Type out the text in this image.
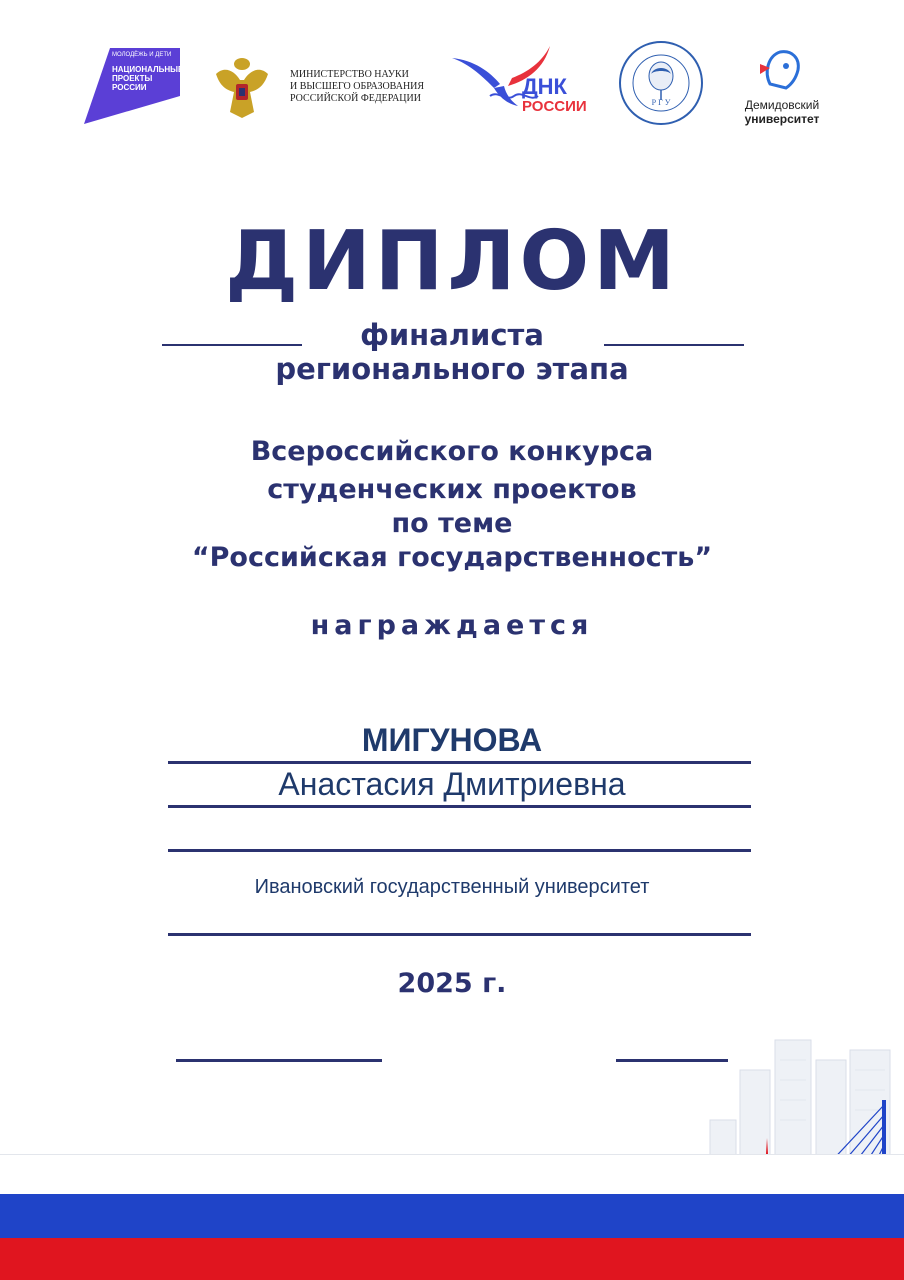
МОЛОДЁЖЬ И ДЕТИ
НАЦИОНАЛЬНЫЕ
ПРОЕКТЫ
РОССИИ
МИНИСТЕРСТВО НАУКИ
И ВЫСШЕГО ОБРАЗОВАНИЯ
РОССИЙСКОЙ ФЕДЕРАЦИИ	ДНК
РОССИИ	Р Г У	Демидовский
университет
ДИПЛОМ
финалиста
регионального этапа
Всероссийского конкурса
студенческих проектов
по теме
“Российская государственность”
награждается
МИГУНОВА
Анастасия Дмитриевна
Ивановский государственный университет
2025 г.
